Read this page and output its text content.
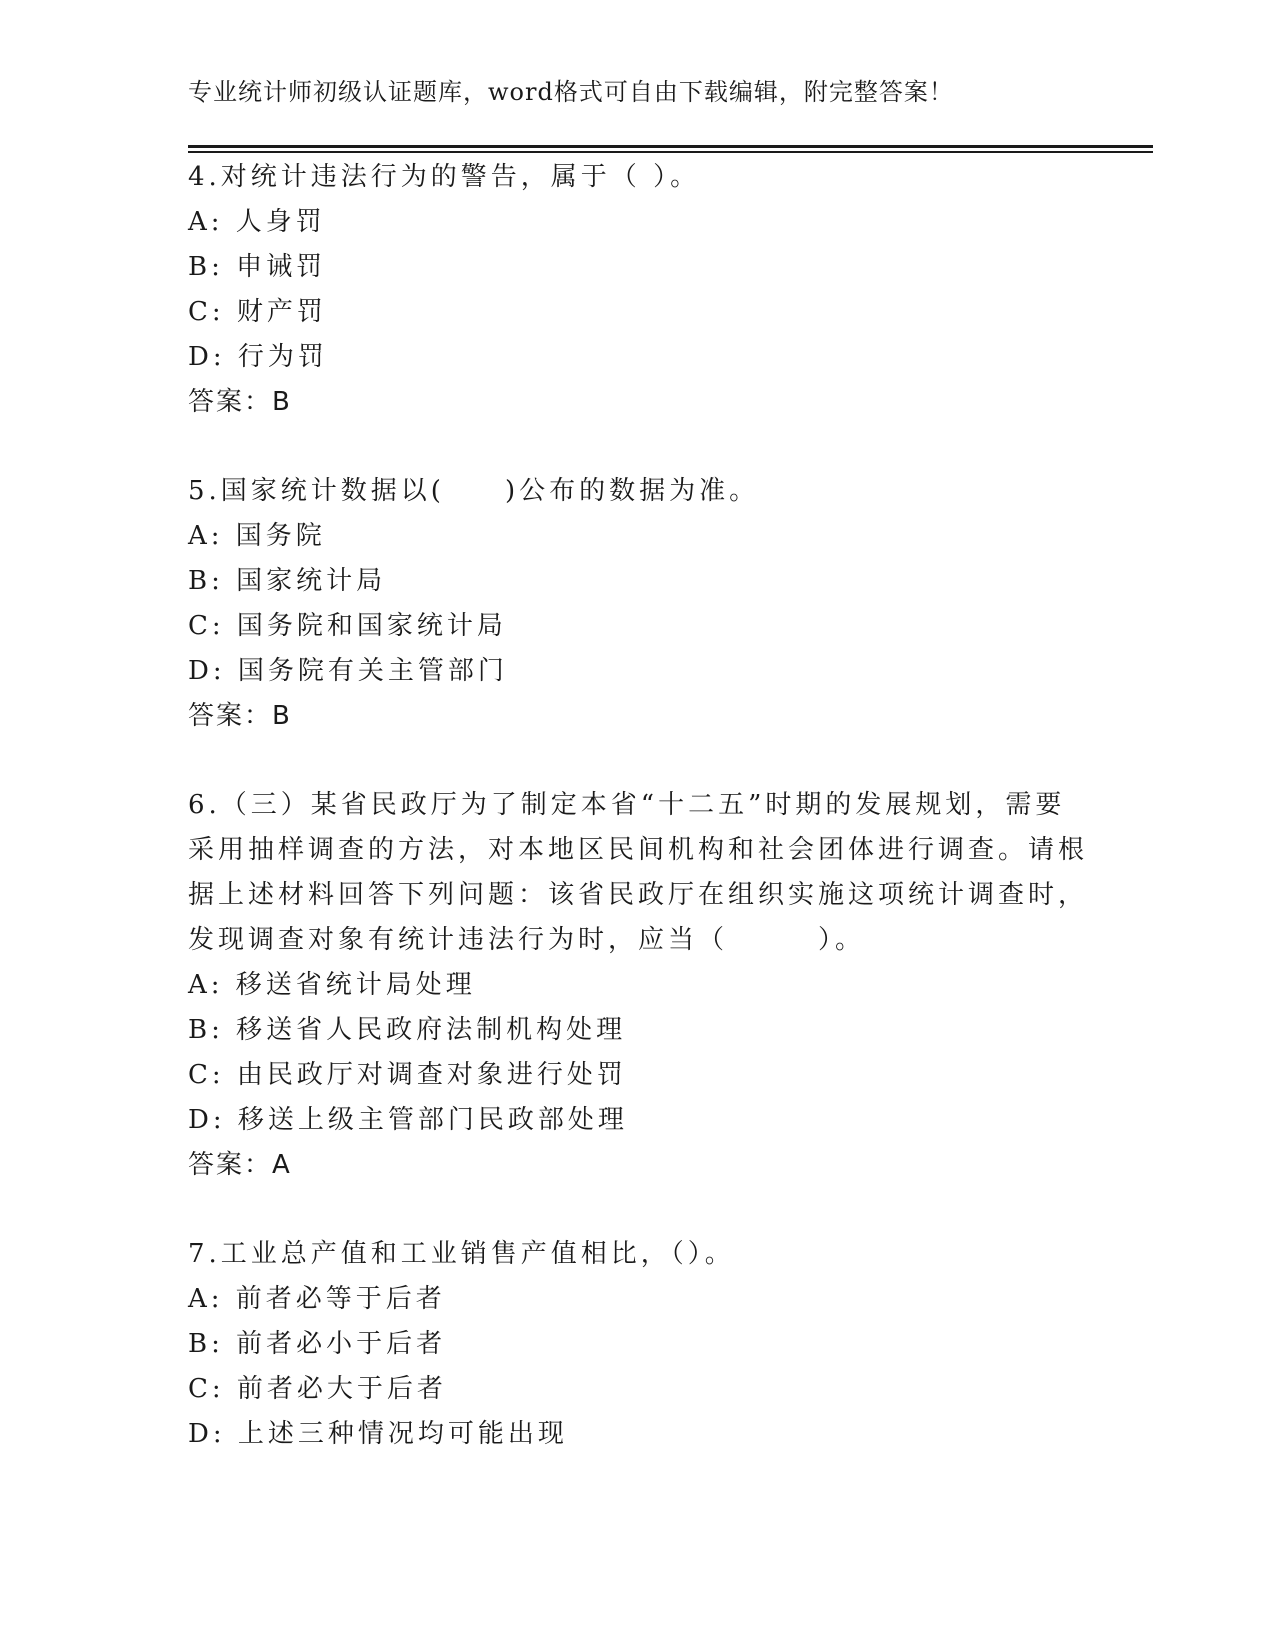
专业统计师初级认证题库，word格式可自由下载编辑，附完整答案！
4.对统计违法行为的警告，属于（ ）。
A: 人身罚
B: 申诫罚
C: 财产罚
D: 行为罚
答案：B
5.国家统计数据以(　　)公布的数据为准。
A: 国务院
B: 国家统计局
C: 国务院和国家统计局
D: 国务院有关主管部门
答案：B
6.（三）某省民政厅为了制定本省“十二五”时期的发展规划，需要采用抽样调查的方法，对本地区民间机构和社会团体进行调查。请根据上述材料回答下列问题：该省民政厅在组织实施这项统计调查时，发现调查对象有统计违法行为时，应当（　　　）。
A: 移送省统计局处理
B: 移送省人民政府法制机构处理
C: 由民政厅对调查对象进行处罚
D: 移送上级主管部门民政部处理
答案：A
7.工业总产值和工业销售产值相比，（）。
A: 前者必等于后者
B: 前者必小于后者
C: 前者必大于后者
D: 上述三种情况均可能出现
